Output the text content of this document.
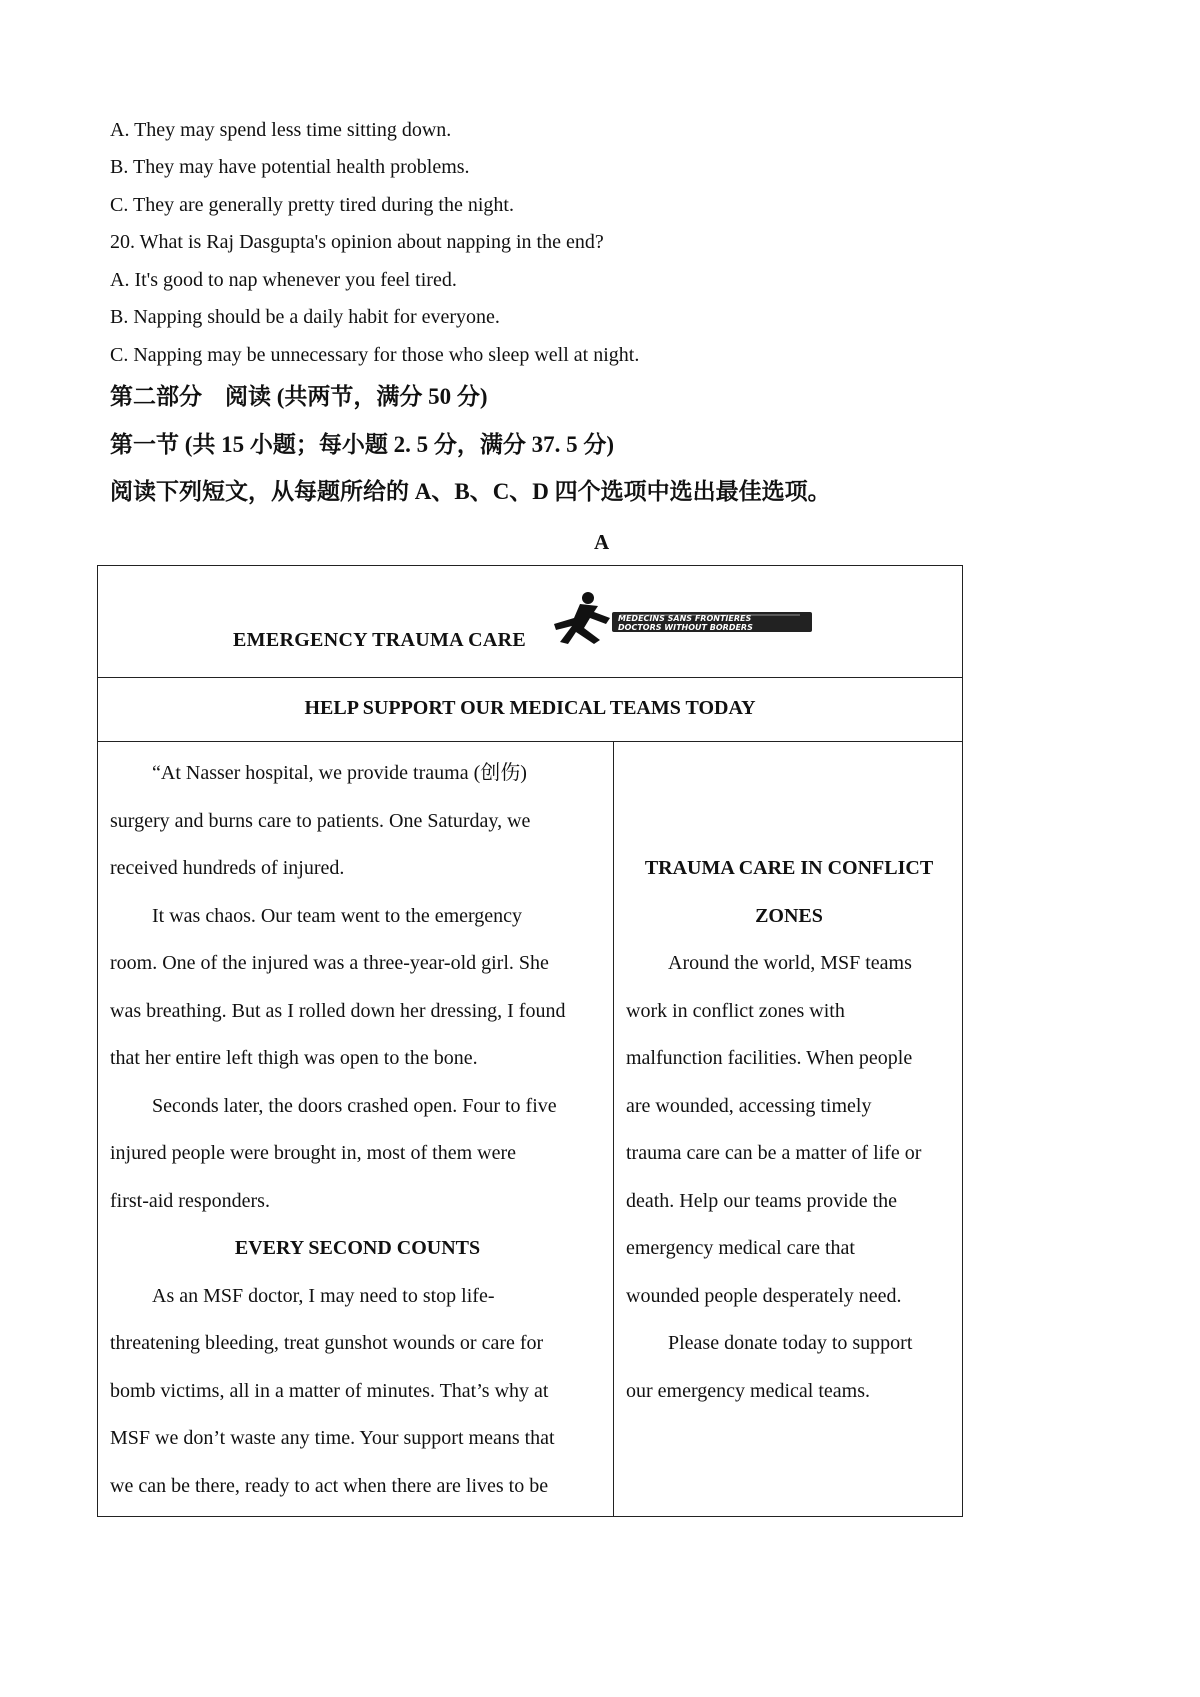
A. They may spend less time sitting down.
B. They may have potential health problems.
C. They are generally pretty tired during the night.
20. What is Raj Dasgupta's opinion about napping in the end?
A. It's good to nap whenever you feel tired.
B. Napping should be a daily habit for everyone.
C. Napping may be unnecessary for those who sleep well at night.
第二部分　阅读 (共两节，满分 50 分)
第一节 (共 15 小题；每小题 2. 5 分，满分 37. 5 分)
阅读下列短文，从每题所给的 A、B、C、D 四个选项中选出最佳选项。
A
EMERGENCY TRAUMA CARE
MEDECINS SANS FRONTIERES
DOCTORS WITHOUT BORDERS
HELP SUPPORT OUR MEDICAL TEAMS TODAY

“At Nasser hospital, we provide trauma (创伤)

surgery and burns care to patients. One Saturday, we

received hundreds of injured.

It was chaos. Our team went to the emergency

room. One of the injured was a three-year-old girl. She

was breathing. But as I rolled down her dressing, I found

that her entire left thigh was open to the bone.

Seconds later, the doors crashed open. Four to five

injured people were brought in, most of them were

first-aid responders.

EVERY SECOND COUNTS

As an MSF doctor, I may need to stop life-

threatening bleeding, treat gunshot wounds or care for

bomb victims, all in a matter of minutes. That’s why at

MSF we don’t waste any time. Your support means that

we can be there, ready to act when there are lives to be

TRAUMA CARE IN CONFLICT

ZONES

Around the world, MSF teams

work in conflict zones with

malfunction facilities. When people

are wounded, accessing timely

trauma care can be a matter of life or

death. Help our teams provide the

emergency medical care that

wounded people desperately need.

Please donate today to support

our emergency medical teams.
